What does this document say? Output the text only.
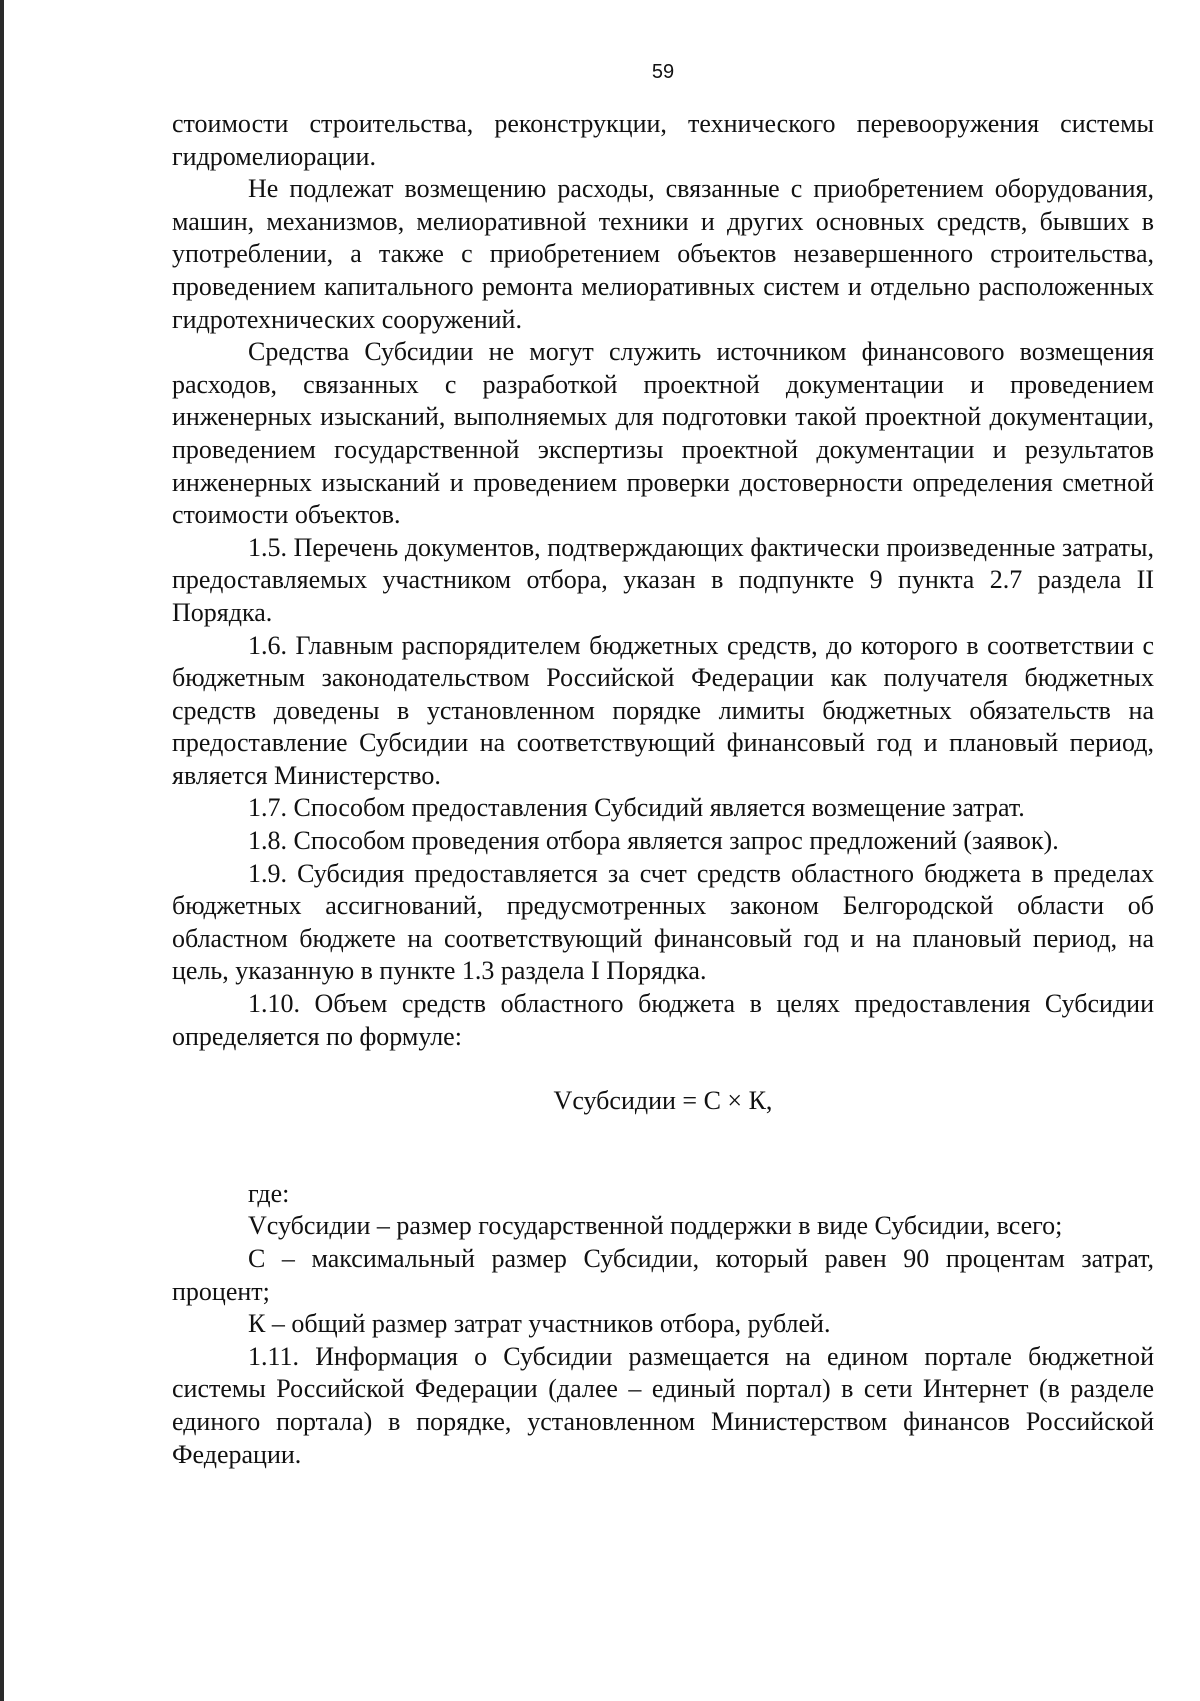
59

стоимости строительства, реконструкции, технического перевооружения системы гидромелиорации.

Не подлежат возмещению расходы, связанные с приобретением оборудования, машин, механизмов, мелиоративной техники и других основных средств, бывших в употреблении, а также с приобретением объектов незавершенного строительства, проведением капитального ремонта мелиоративных систем и отдельно расположенных гидротехнических сооружений.

Средства Субсидии не могут служить источником финансового возмещения расходов, связанных с разработкой проектной документации и проведением инженерных изысканий, выполняемых для подготовки такой проектной документации, проведением государственной экспертизы проектной документации и результатов инженерных изысканий и проведением проверки достоверности определения сметной стоимости объектов.

1.5. Перечень документов, подтверждающих фактически произведенные затраты, предоставляемых участником отбора, указан в подпункте 9 пункта 2.7 раздела II Порядка.

1.6. Главным распорядителем бюджетных средств, до которого в соответствии с бюджетным законодательством Российской Федерации как получателя бюджетных средств доведены в установленном порядке лимиты бюджетных обязательств на предоставление Субсидии на соответствующий финансовый год и плановый период, является Министерство.

1.7. Способом предоставления Субсидий является возмещение затрат.

1.8. Способом проведения отбора является запрос предложений (заявок).

1.9. Субсидия предоставляется за счет средств областного бюджета в пределах бюджетных ассигнований, предусмотренных законом Белгородской области об областном бюджете на соответствующий финансовый год и на плановый период, на цель, указанную в пункте 1.3 раздела I Порядка.

1.10. Объем средств областного бюджета в целях предоставления Субсидии определяется по формуле:

Vсубсидии = С × К,

где:

Vсубсидии – размер государственной поддержки в виде Субсидии, всего;

С – максимальный размер Субсидии, который равен 90 процентам затрат, процент;

К – общий размер затрат участников отбора, рублей.

1.11. Информация о Субсидии размещается на едином портале бюджетной системы Российской Федерации (далее – единый портал) в сети Интернет (в разделе единого портала) в порядке, установленном Министерством финансов Российской Федерации.
